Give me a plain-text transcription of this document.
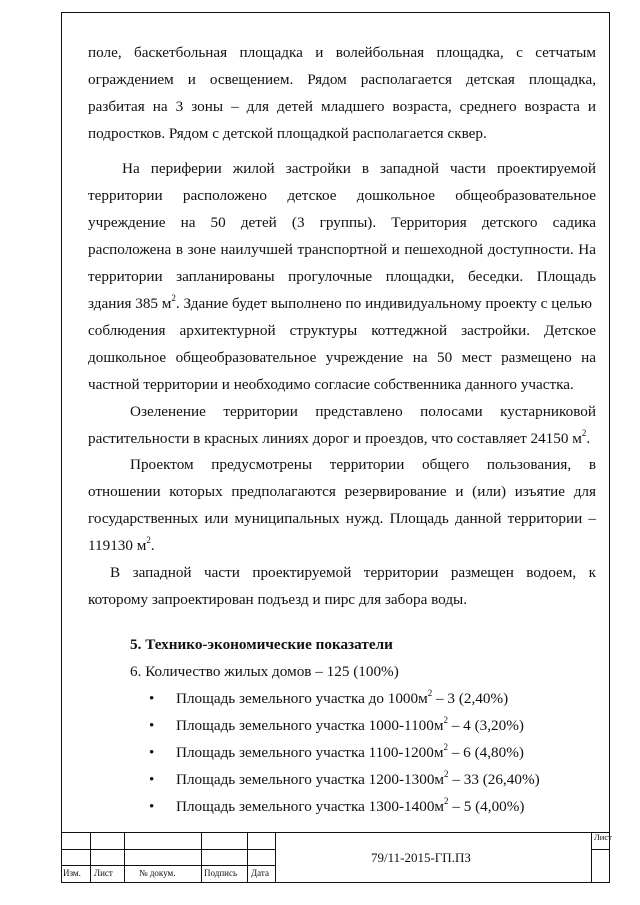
поле, баскетбольная площадка и волейбольная площадка, с сетчатым
ограждением и освещением. Рядом располагается детская площадка,
разбитая на 3 зоны – для детей младшего возраста, среднего возраста и
подростков. Рядом с детской площадкой располагается сквер.
На периферии жилой застройки в западной части проектируемой
территории расположено детское дошкольное общеобразовательное
учреждение на 50 детей (3 группы). Территория детского садика
расположена в зоне наилучшей транспортной и пешеходной доступности. На
территории запланированы прогулочные площадки, беседки. Площадь
здания 385 $м^2$. Здание будет выполнено по индивидуальному проекту с целью
соблюдения архитектурной структуры коттеджной застройки. Детское
дошкольное общеобразовательное учреждение на 50 мест размещено на
частной территории и необходимо согласие собственника данного участка.
Озеленение территории представлено полосами кустарниковой
растительности в красных линиях дорог и проездов, что составляет 24150 $м^2$.
Проектом предусмотрены территории общего пользования, в
отношении которых предполагаются резервирование и (или) изъятие для
государственных или муниципальных нужд. Площадь данной территории –
119130 $м^2$.
В западной части проектируемой территории размещен водоем, к
которому запроектирован подъезд и пирс для забора воды.
5. Технико-экономические показатели
6. Количество жилых домов – 125 (100%)
• Площадь земельного участка до $1000м^2 - 3$ (2,40%)
• Площадь земельного участка $1000-1100м^2 - 4$ (3,20%)
• Площадь земельного участка $1100-1200м^2 - 6$ (4,80%)
• Площадь земельного участка $1200-1300м^2 - 33$ (26,40%)
• Площадь земельного участка $1300-1400м^2 - 5$ (4,00%)
Изм. Лист	№ докум.	Подпись Дата
79/11-2015-ГП.ПЗ
Лист
